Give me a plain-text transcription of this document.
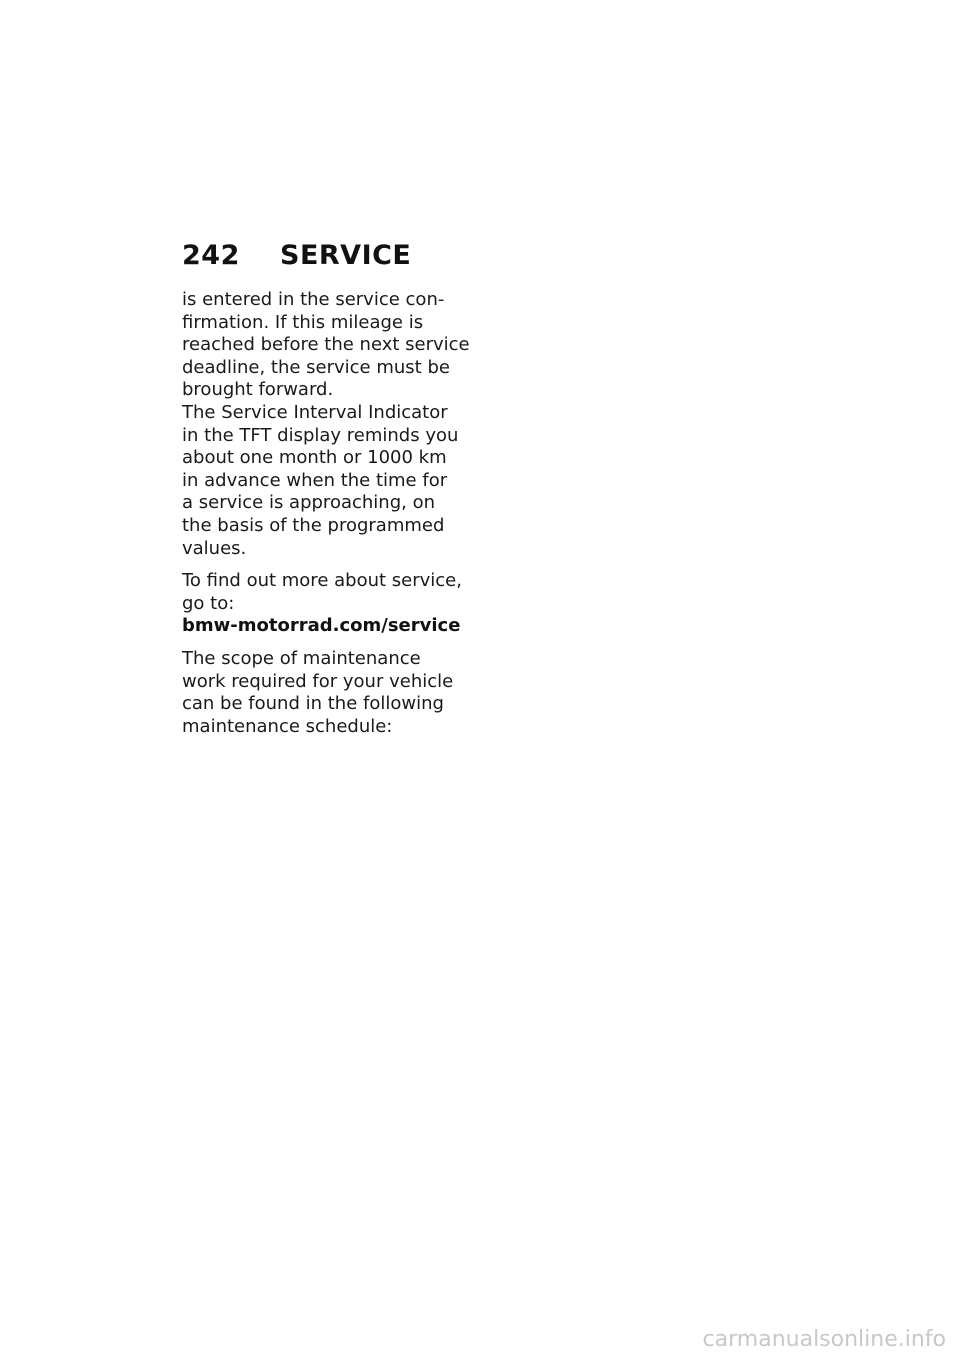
242	SERVICE

is entered in the service con-
firmation. If this mileage is
reached before the next service
deadline, the service must be
brought forward.

The Service Interval Indicator
in the TFT display reminds you
about one month or 1000 km
in advance when the time for
a service is approaching, on
the basis of the programmed
values.

To find out more about service,
go to:
bmw-motorrad.com/service

The scope of maintenance
work required for your vehicle
can be found in the following
maintenance schedule:

carmanualsonline.info
